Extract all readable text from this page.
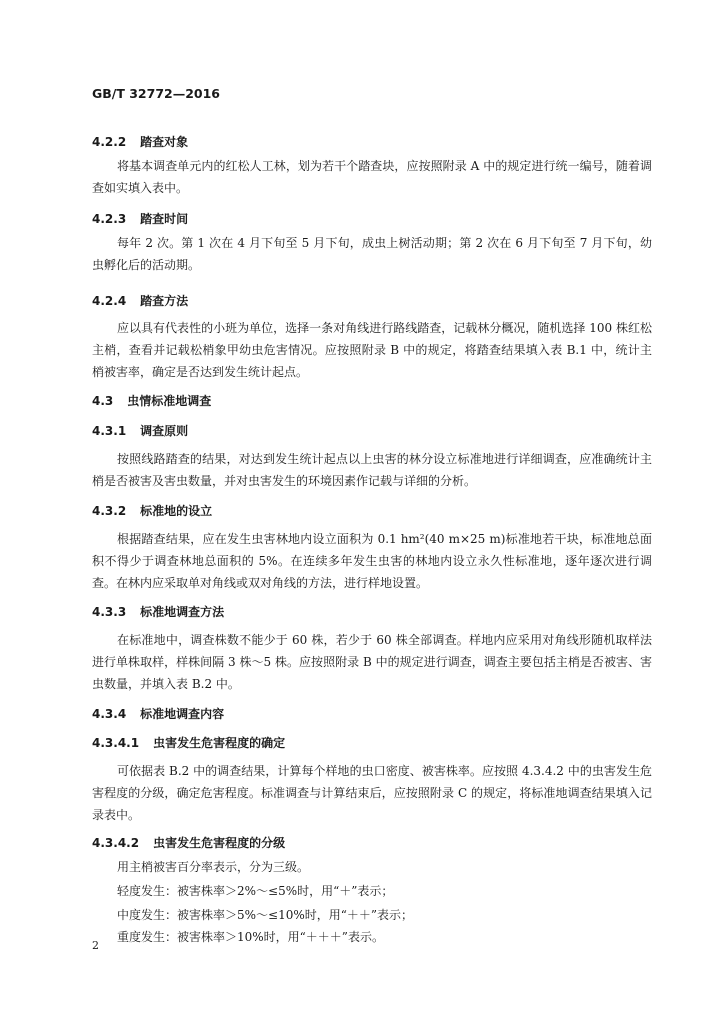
GB/T 32772—2016
4.2.2 踏查对象
将基本调查单元内的红松人工林，划为若干个踏查块，应按照附录 A 中的规定进行统一编号，随着调查如实填入表中。
4.2.3 踏查时间
每年 2 次。第 1 次在 4 月下旬至 5 月下旬，成虫上树活动期；第 2 次在 6 月下旬至 7 月下旬，幼虫孵化后的活动期。
4.2.4 踏查方法
应以具有代表性的小班为单位，选择一条对角线进行路线踏查，记载林分概况，随机选择 100 株红松主梢，查看并记载松梢象甲幼虫危害情况。应按照附录 B 中的规定，将踏查结果填入表 B.1 中，统计主梢被害率，确定是否达到发生统计起点。
4.3 虫情标准地调查
4.3.1 调查原则
按照线路踏查的结果，对达到发生统计起点以上虫害的林分设立标准地进行详细调查，应准确统计主梢是否被害及害虫数量，并对虫害发生的环境因素作记载与详细的分析。
4.3.2 标准地的设立
根据踏查结果，应在发生虫害林地内设立面积为 0.1 hm²(40 m×25 m)标准地若干块，标准地总面积不得少于调查林地总面积的 5%。在连续多年发生虫害的林地内设立永久性标准地，逐年逐次进行调查。在林内应采取单对角线或双对角线的方法，进行样地设置。
4.3.3 标准地调查方法
在标准地中，调查株数不能少于 60 株，若少于 60 株全部调查。样地内应采用对角线形随机取样法进行单株取样，样株间隔 3 株～5 株。应按照附录 B 中的规定进行调查，调查主要包括主梢是否被害、害虫数量，并填入表 B.2 中。
4.3.4 标准地调查内容
4.3.4.1 虫害发生危害程度的确定
可依据表 B.2 中的调查结果，计算每个样地的虫口密度、被害株率。应按照 4.3.4.2 中的虫害发生危害程度的分级，确定危害程度。标准调查与计算结束后，应按照附录 C 的规定，将标准地调查结果填入记录表中。
4.3.4.2 虫害发生危害程度的分级
用主梢被害百分率表示，分为三级。
轻度发生：被害株率＞2%～≤5%时，用“＋”表示；
中度发生：被害株率＞5%～≤10%时，用“＋＋”表示；
重度发生：被害株率＞10%时，用“＋＋＋”表示。
2
